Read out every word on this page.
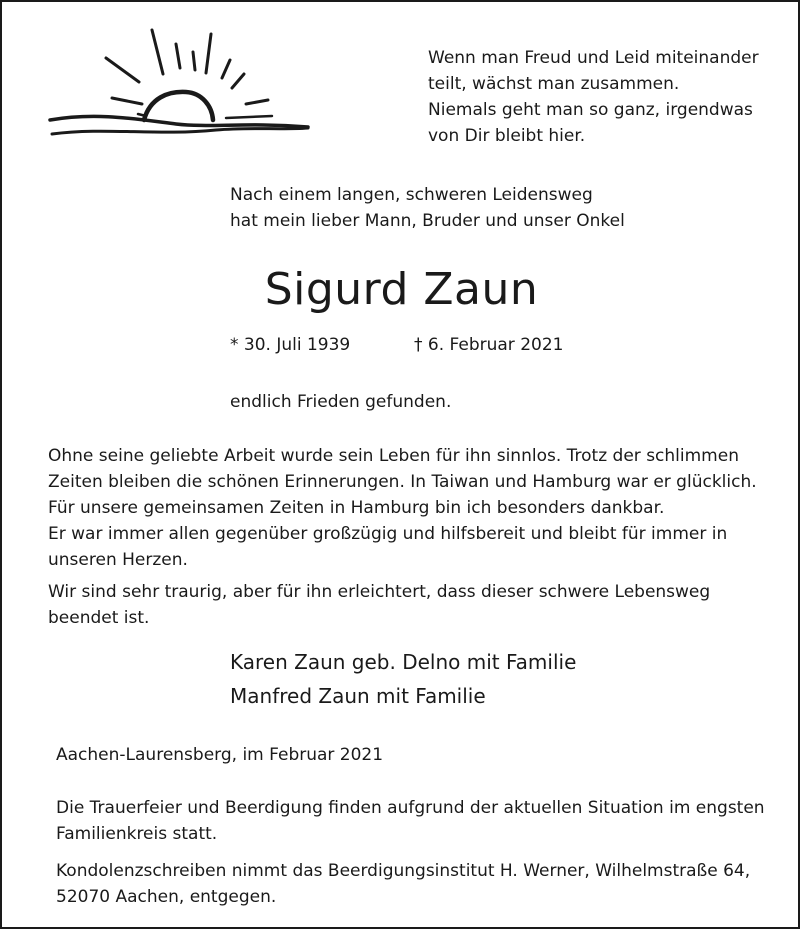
Wenn man Freud und Leid miteinander
teilt, wächst man zusammen.
Niemals geht man so ganz, irgendwas
von Dir bleibt hier.
Nach einem langen, schweren Leidensweg
hat mein lieber Mann, Bruder und unser Onkel
Sigurd Zaun
* 30. Juli 1939	† 6. Februar 2021
endlich Frieden gefunden.
Ohne seine geliebte Arbeit wurde sein Leben für ihn sinnlos. Trotz der schlimmen
Zeiten bleiben die schönen Erinnerungen. In Taiwan und Hamburg war er glücklich.
Für unsere gemeinsamen Zeiten in Hamburg bin ich besonders dankbar.
Er war immer allen gegenüber großzügig und hilfsbereit und bleibt für immer in
unseren Herzen.
Wir sind sehr traurig, aber für ihn erleichtert, dass dieser schwere Lebensweg
beendet ist.
Karen Zaun geb. Delno mit Familie
Manfred Zaun mit Familie
Aachen-Laurensberg, im Februar 2021
Die Trauerfeier und Beerdigung finden aufgrund der aktuellen Situation im engsten
Familienkreis statt.
Kondolenzschreiben nimmt das Beerdigungsinstitut H. Werner, Wilhelmstraße 64,
52070 Aachen, entgegen.
